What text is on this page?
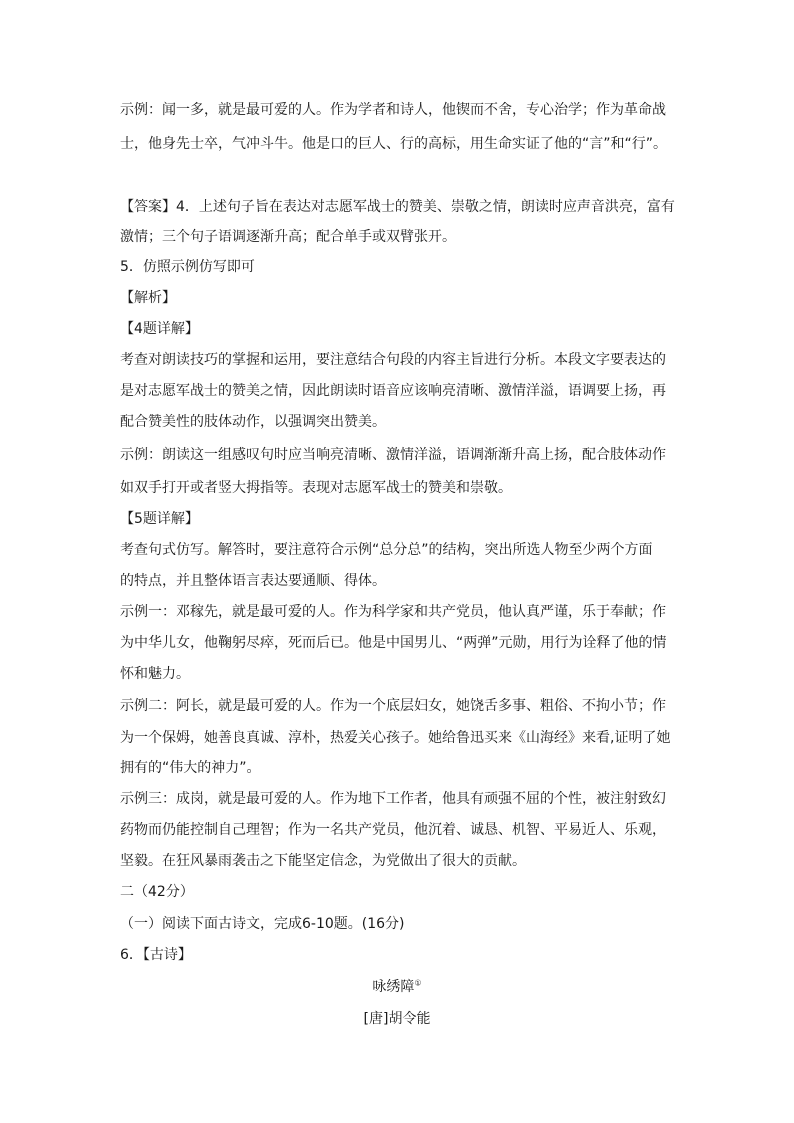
示例：闻一多，就是最可爱的人。作为学者和诗人，他锲而不舍，专心治学；作为革命战

士，他身先士卒，气冲斗牛。他是口的巨人、行的高标，用生命实证了他的“言”和“行”。

【答案】4．上述句子旨在表达对志愿军战士的赞美、崇敬之情，朗读时应声音洪亮，富有

激情；三个句子语调逐渐升高；配合单手或双臂张开。

5．仿照示例仿写即可

【解析】

【4题详解】

考查对朗读技巧的掌握和运用，要注意结合句段的内容主旨进行分析。本段文字要表达的

是对志愿军战士的赞美之情，因此朗读时语音应该响亮清晰、激情洋溢，语调要上扬，再

配合赞美性的肢体动作，以强调突出赞美。

示例：朗读这一组感叹句时应当响亮清晰、激情洋溢，语调渐渐升高上扬，配合肢体动作

如双手打开或者竖大拇指等。表现对志愿军战士的赞美和崇敬。

【5题详解】

考查句式仿写。解答时，要注意符合示例“总分总”的结构，突出所选人物至少两个方面

的特点，并且整体语言表达要通顺、得体。

示例一：邓稼先，就是最可爱的人。作为科学家和共产党员，他认真严谨，乐于奉献；作

为中华儿女，他鞠躬尽瘁，死而后已。他是中国男儿、“两弹”元勋，用行为诠释了他的情

怀和魅力。

示例二：阿长，就是最可爱的人。作为一个底层妇女，她饶舌多事、粗俗、不拘小节；作

为一个保姆，她善良真诚、淳朴，热爱关心孩子。她给鲁迅买来《山海经》来看,证明了她

拥有的“伟大的神力”。

示例三：成岗，就是最可爱的人。作为地下工作者，他具有顽强不屈的个性，被注射致幻

药物而仍能控制自己理智；作为一名共产党员，他沉着、诚恳、机智、平易近人、乐观，

坚毅。在狂风暴雨袭击之下能坚定信念，为党做出了很大的贡献。

二（42分）

（一）阅读下面古诗文，完成6-10题。(16分)

6．【古诗】

咏绣障①

[唐]胡令能
